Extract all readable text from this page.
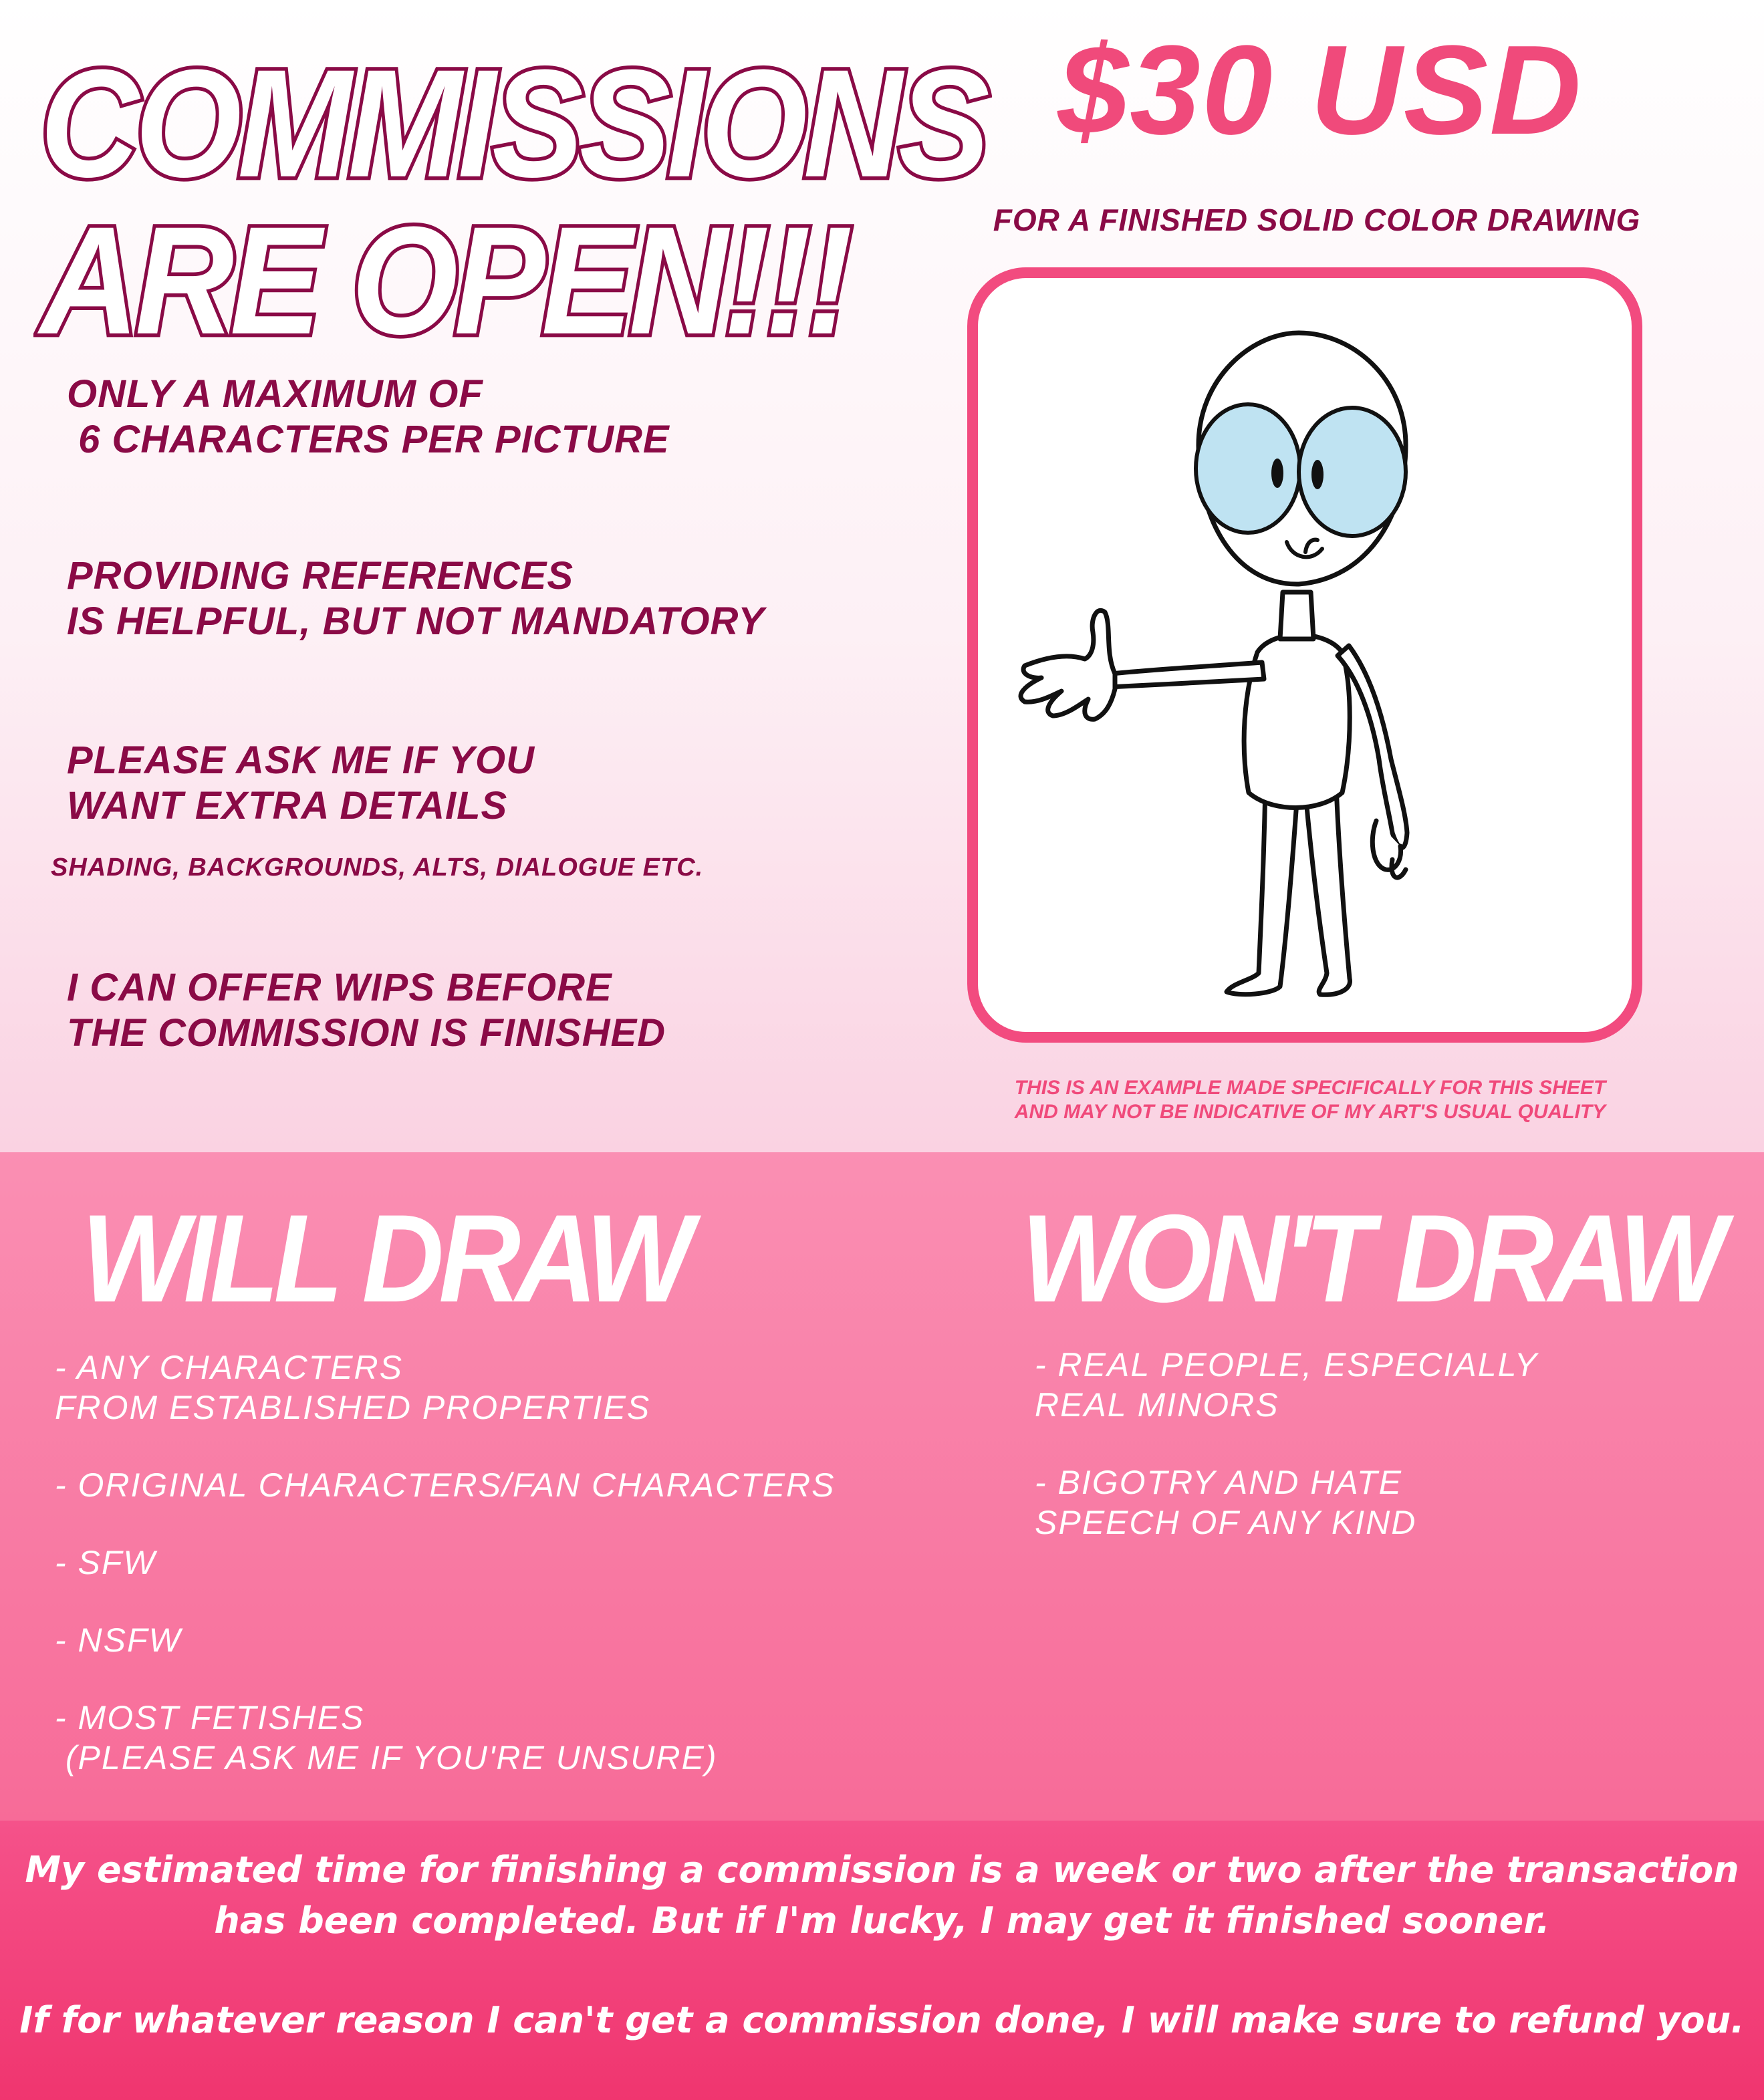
COMMISSIONS
ARE OPEN!!!
$30 USD
FOR A FINISHED SOLID COLOR DRAWING

ONLY A MAXIMUM OF
6 CHARACTERS PER PICTURE

PROVIDING REFERENCES
IS HELPFUL, BUT NOT MANDATORY

PLEASE ASK ME IF YOU
WANT EXTRA DETAILS

SHADING, BACKGROUNDS, ALTS, DIALOGUE ETC.

I CAN OFFER WIPS BEFORE
THE COMMISSION IS FINISHED

THIS IS AN EXAMPLE MADE SPECIFICALLY FOR THIS SHEET
AND MAY NOT BE INDICATIVE OF MY ART'S USUAL QUALITY
WILL DRAW
- ANY CHARACTERS
FROM ESTABLISHED PROPERTIES
- ORIGINAL CHARACTERS/FAN CHARACTERS
- SFW
- NSFW
- MOST FETISHES
(PLEASE ASK ME IF YOU'RE UNSURE)
WON'T DRAW
- REAL PEOPLE, ESPECIALLY
REAL MINORS
- BIGOTRY AND HATE
SPEECH OF ANY KIND

My estimated time for finishing a commission is a week or two after the transaction
has been completed. But if I'm lucky, I may get it finished sooner.

If for whatever reason I can't get a commission done, I will make sure to refund you.
